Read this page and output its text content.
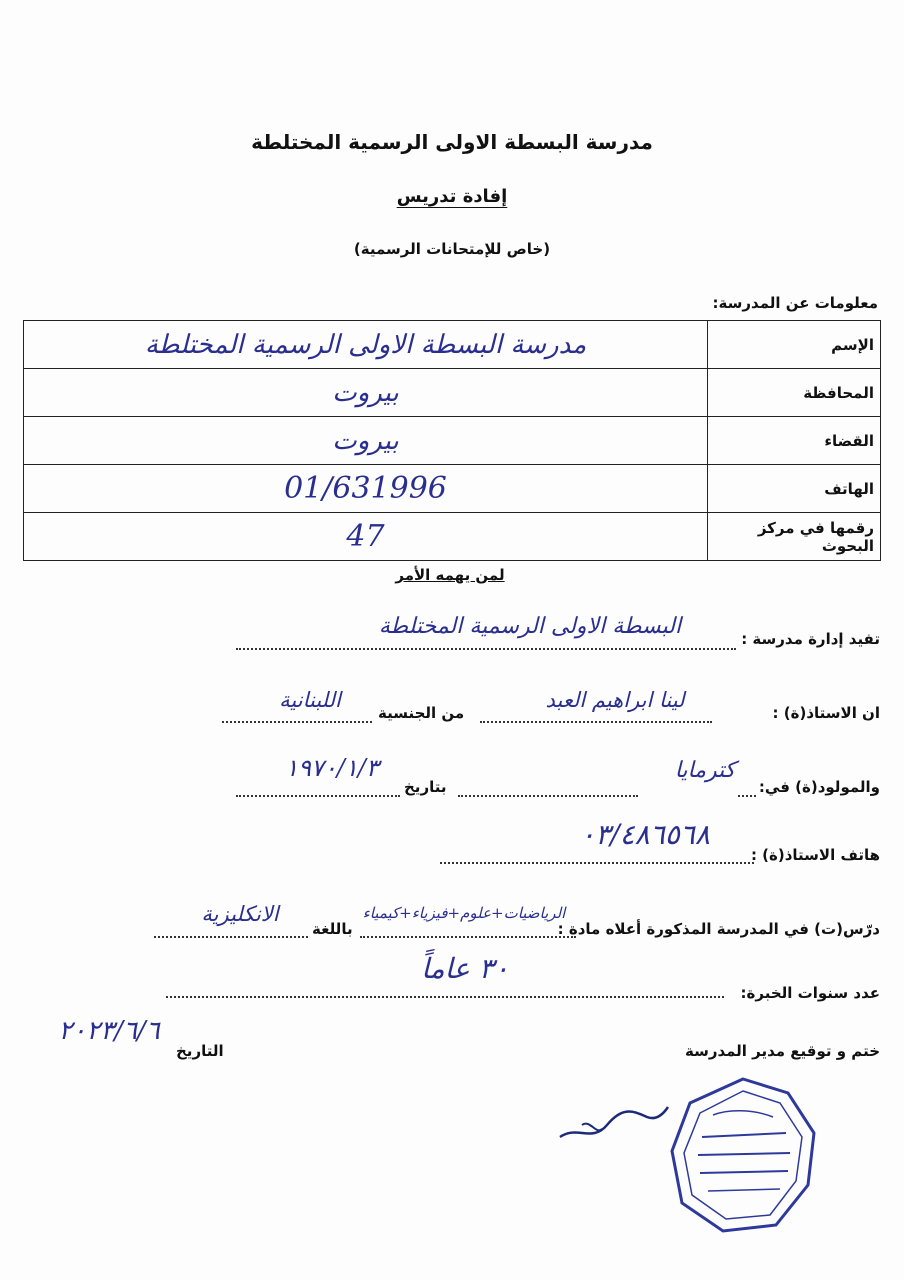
مدرسة البسطة الاولى الرسمية المختلطة
إفادة تدريس
(خاص للإمتحانات الرسمية)
معلومات عن المدرسة:
الإسم	مدرسة البسطة الاولى الرسمية المختلطة
المحافظة	بيروت
القضاء	بيروت
الهاتف	01/631996
رقمها في مركز البحوث	47
لمن يهمه الأمر
تفيد إدارة مدرسة :
البسطة الاولى الرسمية المختلطة
ان الاستاذ(ة) :
لينا ابراهيم العبد
من الجنسية
اللبنانية
والمولود(ة) في:
كترمايا
بتاريخ
١٩٧٠/١/٣
هاتف الاستاذ(ة) :
٠٣/٤٨٦٥٦٨
درّس(ت) في المدرسة المذكورة أعلاه مادة :
الرياضيات+علوم+فيزياء+كيمياء
باللغة
الانكليزية
عدد سنوات الخبرة:
٣٠ عاماً
ختم و توقيع مدير المدرسة
التاريخ
٢٠٢٣/٦/٦
